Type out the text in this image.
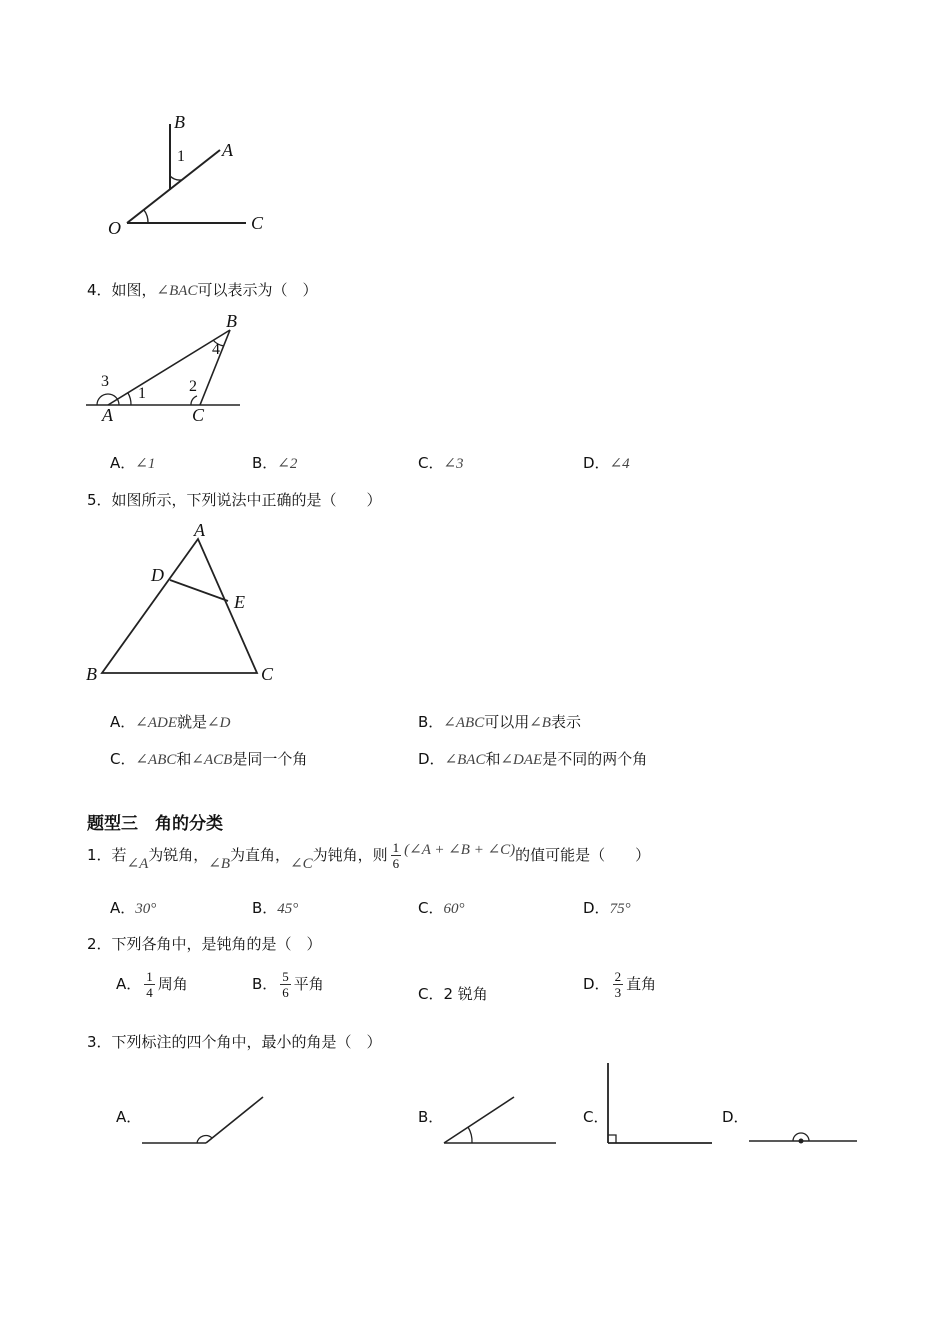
B
A
O	C
1
4．如图，∠BAC可以表示为（　）
B
A	C
1	2
3
4
A．∠1	B．∠2	C．∠3	D．∠4
5．如图所示，下列说法中正确的是（　　）
A
D
E
B	C
A．∠ADE就是∠D	B．∠ABC可以用∠B表示
C．∠ABC和∠ACB是同一个角	D．∠BAC和∠DAE是不同的两个角
题型三　角的分类
1．若∠A为锐角，∠B为直角，∠C为钝角，则 $\frac{1}{6}$ (∠A + ∠B + ∠C)的值可能是（　　）
A．30°	B．45°	C．60°	D．75°
2．下列各角中，是钝角的是（　）
A． $\frac{1}{4}$ 周角	B． $\frac{5}{6}$ 平角
C．2 锐角
D． $\frac{2}{3}$ 直角
3．下列标注的四个角中，最小的角是（　）
A．	B．	C．	D．
